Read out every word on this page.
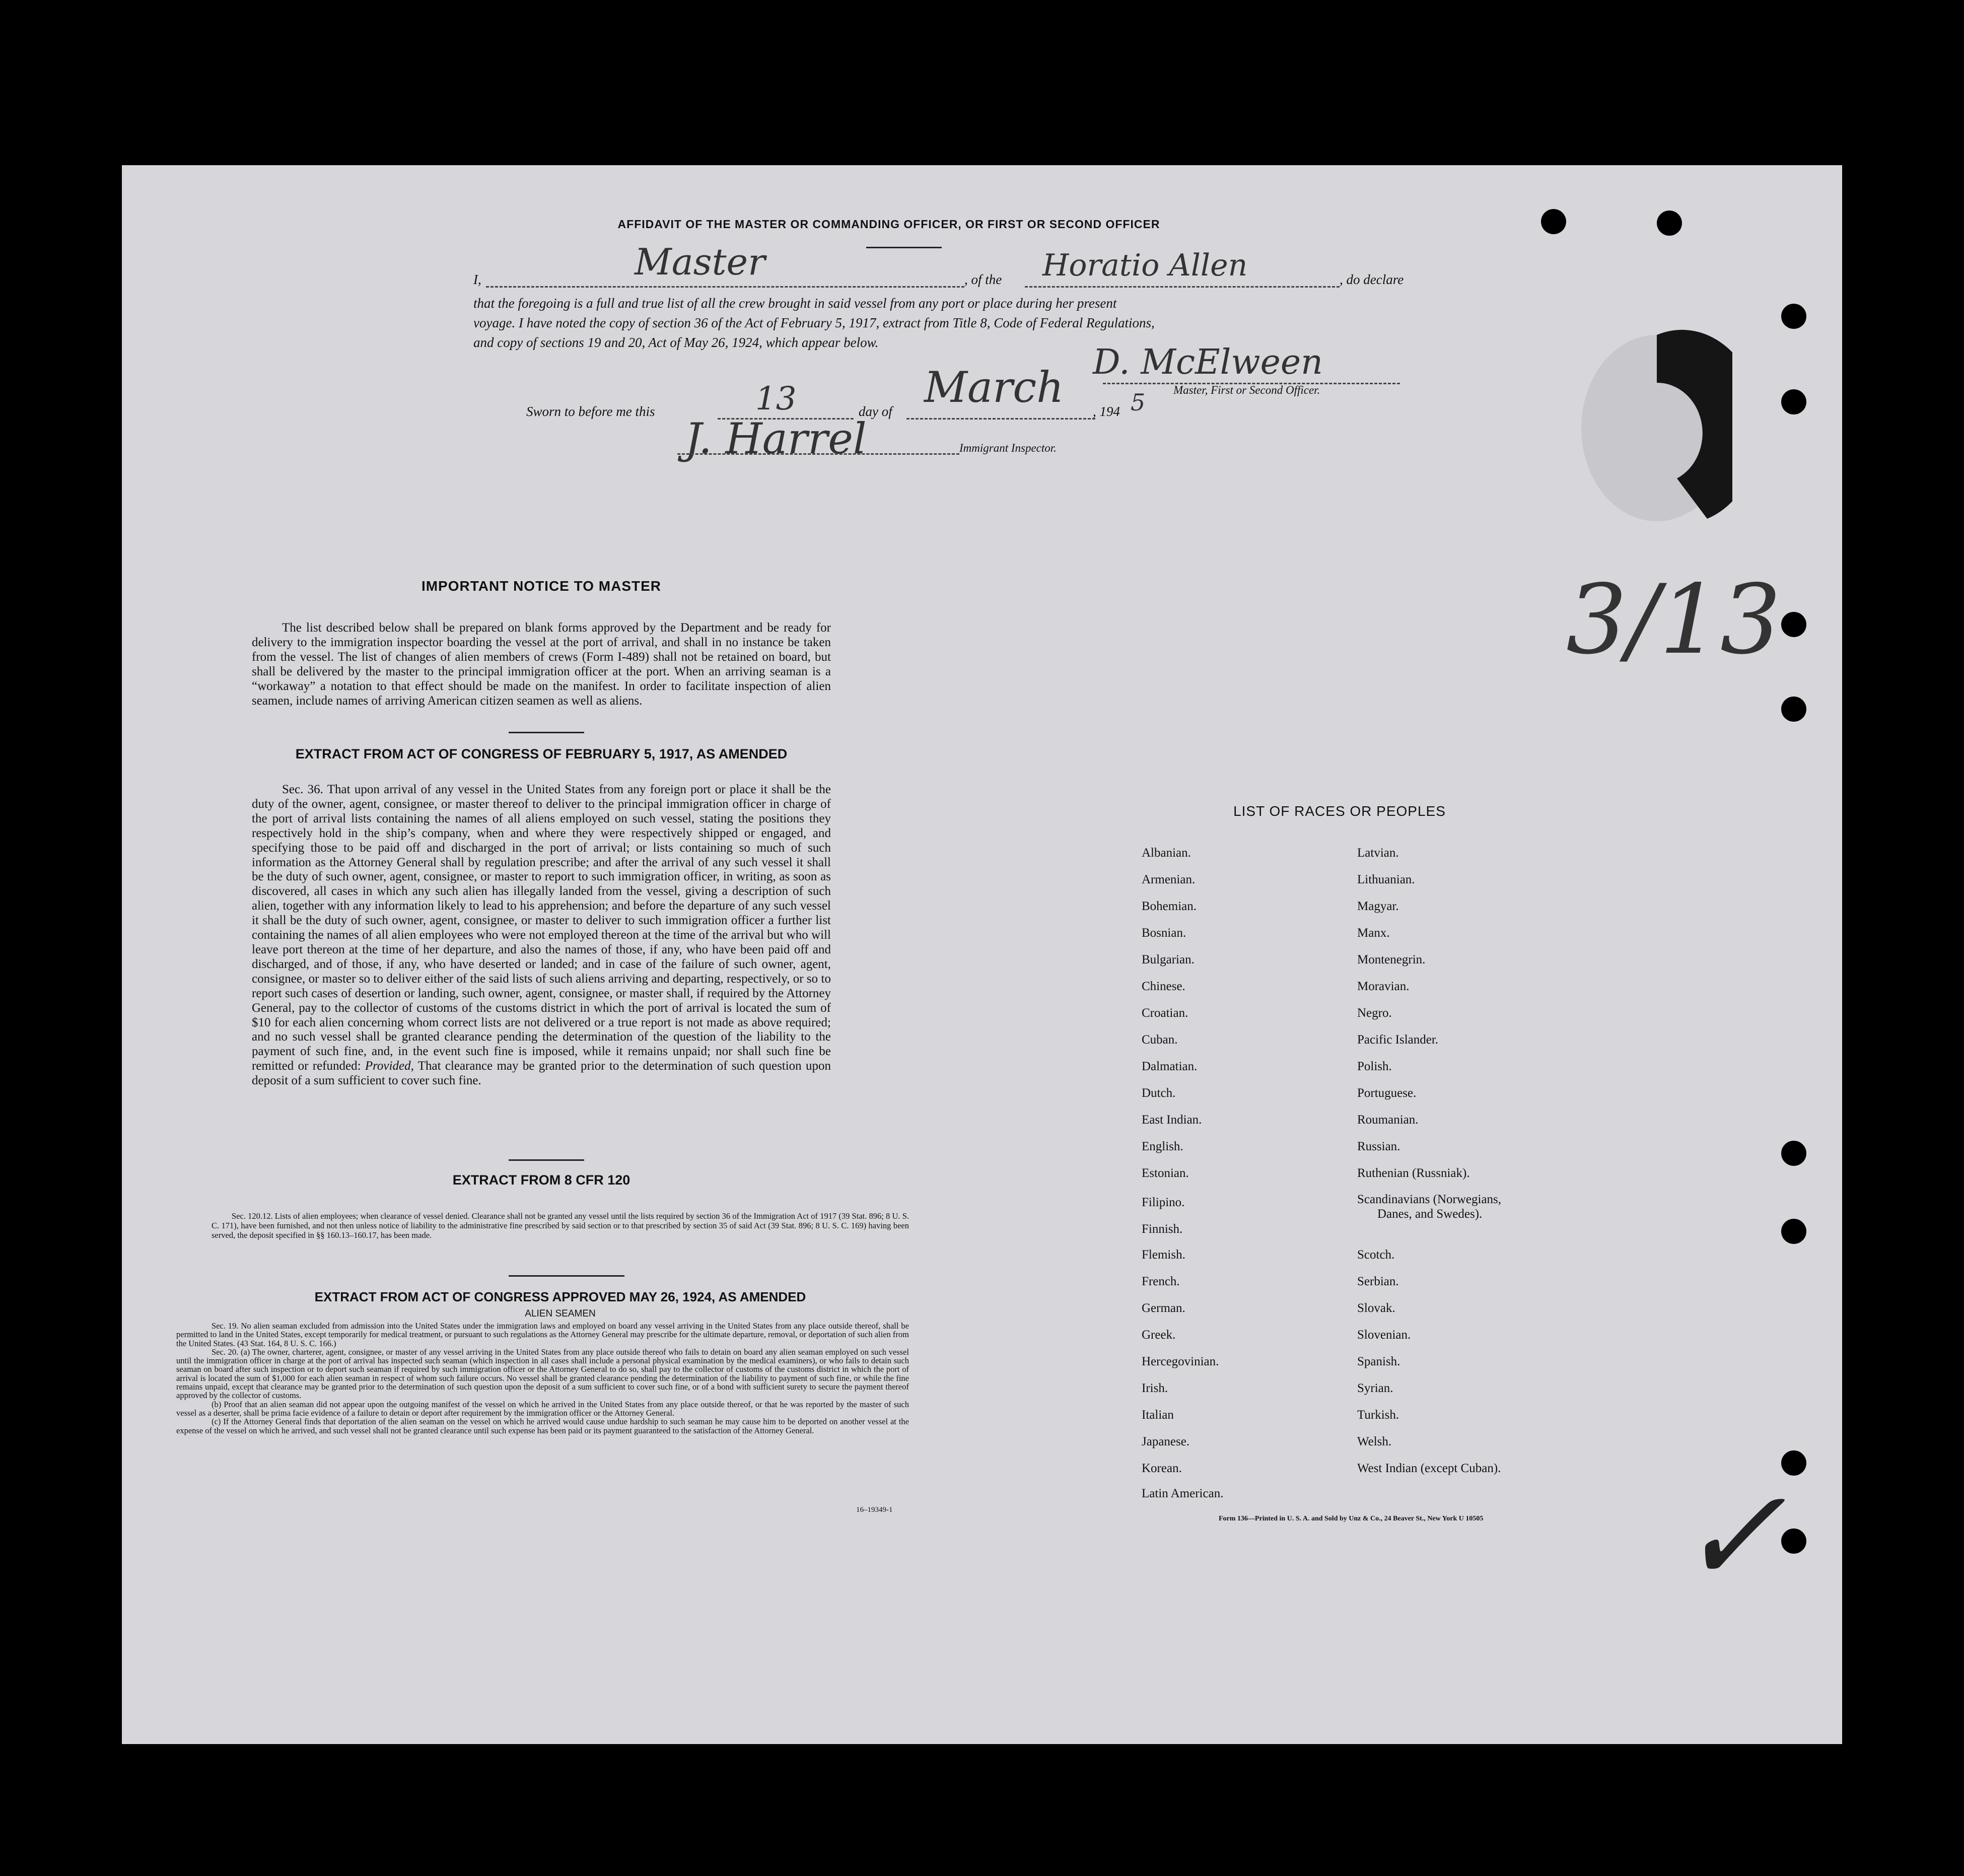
AFFIDAVIT OF THE MASTER OR COMMANDING OFFICER, OR FIRST OR SECOND OFFICER
I,	Master	, of the Horatio Allen	, do declare
that the foregoing is a full and true list of all the crew brought in said vessel from any port or place during her present
voyage. I have noted the copy of section 36 of the Act of February 5, 1917, extract from Title 8, Code of Federal Regulations,
and copy of sections 19 and 20, Act of May 26, 1924, which appear below.	D. McElween
Master, First or Second Officer.
Sworn to before me this	13	day of March , 194 5
J. Harrel	Immigrant Inspector.
3/13
IMPORTANT NOTICE TO MASTER
The list described below shall be prepared on blank forms approved by the Department and be ready for delivery to the immigration inspector boarding the vessel at the port of arrival, and shall in no instance be taken from the vessel. The list of changes of alien members of crews (Form I-489) shall not be retained on board, but shall be delivered by the master to the principal immigration officer at the port. When an arriving seaman is a “workaway” a notation to that effect should be made on the manifest. In order to facilitate inspection of alien seamen, include names of arriving American citizen seamen as well as aliens.
EXTRACT FROM ACT OF CONGRESS OF FEBRUARY 5, 1917, AS AMENDED
Sec. 36. That upon arrival of any vessel in the United States from any foreign port or place it shall be the duty of the owner, agent, consignee, or master thereof to deliver to the principal immigration officer in charge of the port of arrival lists containing the names of all aliens employed on such vessel, stating the positions they respectively hold in the ship’s company, when and where they were respectively shipped or engaged, and specifying those to be paid off and discharged in the port of arrival; or lists containing so much of such information as the Attorney General shall by regulation prescribe; and after the arrival of any such vessel it shall be the duty of such owner, agent, consignee, or master to report to such immigration officer, in writing, as soon as discovered, all cases in which any such alien has illegally landed from the vessel, giving a description of such alien, together with any information likely to lead to his apprehension; and before the departure of any such vessel it shall be the duty of such owner, agent, consignee, or master to deliver to such immigration officer a further list containing the names of all alien employees who were not employed thereon at the time of the arrival but who will leave port thereon at the time of her departure, and also the names of those, if any, who have been paid off and discharged, and of those, if any, who have deserted or landed; and in case of the failure of such owner, agent, consignee, or master so to deliver either of the said lists of such aliens arriving and departing, respectively, or so to report such cases of desertion or landing, such owner, agent, consignee, or master shall, if required by the Attorney General, pay to the collector of customs of the customs district in which the port of arrival is located the sum of $10 for each alien concerning whom correct lists are not delivered or a true report is not made as above required; and no such vessel shall be granted clearance pending the determination of the question of the liability to the payment of such fine, and, in the event such fine is imposed, while it remains unpaid; nor shall such fine be remitted or refunded: Provided, That clearance may be granted prior to the determination of such question upon deposit of a sum sufficient to cover such fine.
EXTRACT FROM 8 CFR 120
Sec. 120.12. Lists of alien employees; when clearance of vessel denied. Clearance shall not be granted any vessel until the lists required by section 36 of the Immigration Act of 1917 (39 Stat. 896; 8 U. S. C. 171), have been furnished, and not then unless notice of liability to the administrative fine prescribed by said section or to that prescribed by section 35 of said Act (39 Stat. 896; 8 U. S. C. 169) having been served, the deposit specified in §§ 160.13–160.17, has been made.
EXTRACT FROM ACT OF CONGRESS APPROVED MAY 26, 1924, AS AMENDED
ALIEN SEAMEN
Sec. 19. No alien seaman excluded from admission into the United States under the immigration laws and employed on board any vessel arriving in the United States from any place outside thereof, shall be permitted to land in the United States, except temporarily for medical treatment, or pursuant to such regulations as the Attorney General may prescribe for the ultimate departure, removal, or deportation of such alien from the United States. (43 Stat. 164, 8 U. S. C. 166.)
Sec. 20. (a) The owner, charterer, agent, consignee, or master of any vessel arriving in the United States from any place outside thereof who fails to detain on board any alien seaman employed on such vessel until the immigration officer in charge at the port of arrival has inspected such seaman (which inspection in all cases shall include a personal physical examination by the medical examiners), or who fails to detain such seaman on board after such inspection or to deport such seaman if required by such immigration officer or the Attorney General to do so, shall pay to the collector of customs of the customs district in which the port of arrival is located the sum of $1,000 for each alien seaman in respect of whom such failure occurs. No vessel shall be granted clearance pending the determination of the liability to payment of such fine, or while the fine remains unpaid, except that clearance may be granted prior to the determination of such question upon the deposit of a sum sufficient to cover such fine, or of a bond with sufficient surety to secure the payment thereof approved by the collector of customs.
(b) Proof that an alien seaman did not appear upon the outgoing manifest of the vessel on which he arrived in the United States from any place outside thereof, or that he was reported by the master of such vessel as a deserter, shall be prima facie evidence of a failure to detain or deport after requirement by the immigration officer or the Attorney General.
(c) If the Attorney General finds that deportation of the alien seaman on the vessel on which he arrived would cause undue hardship to such seaman he may cause him to be deported on another vessel at the expense of the vessel on which he arrived, and such vessel shall not be granted clearance until such expense has been paid or its payment guaranteed to the satisfaction of the Attorney General.
16–19349-1
LIST OF RACES OR PEOPLES
Albanian.
Armenian.
Bohemian.
Bosnian.
Bulgarian.
Chinese.
Croatian.
Cuban.
Dalmatian.
Dutch.
East Indian.
English.
Estonian.
Filipino.
Finnish.
Flemish.
French.
German.
Greek.
Hercegovinian.
Irish.
Italian
Japanese.
Korean.
Latin American.
Latvian.
Lithuanian.
Magyar.
Manx.
Montenegrin.
Moravian.
Negro.
Pacific Islander.
Polish.
Portuguese.
Roumanian.
Russian.
Ruthenian (Russniak).
Scandinavians (Norwegians,
Danes, and Swedes).
Scotch.
Serbian.
Slovak.
Slovenian.
Spanish.
Syrian.
Turkish.
Welsh.
West Indian (except Cuban).
Form 136—Printed in U. S. A. and Sold by Unz & Co., 24 Beaver St., New York U 10505 ✓
